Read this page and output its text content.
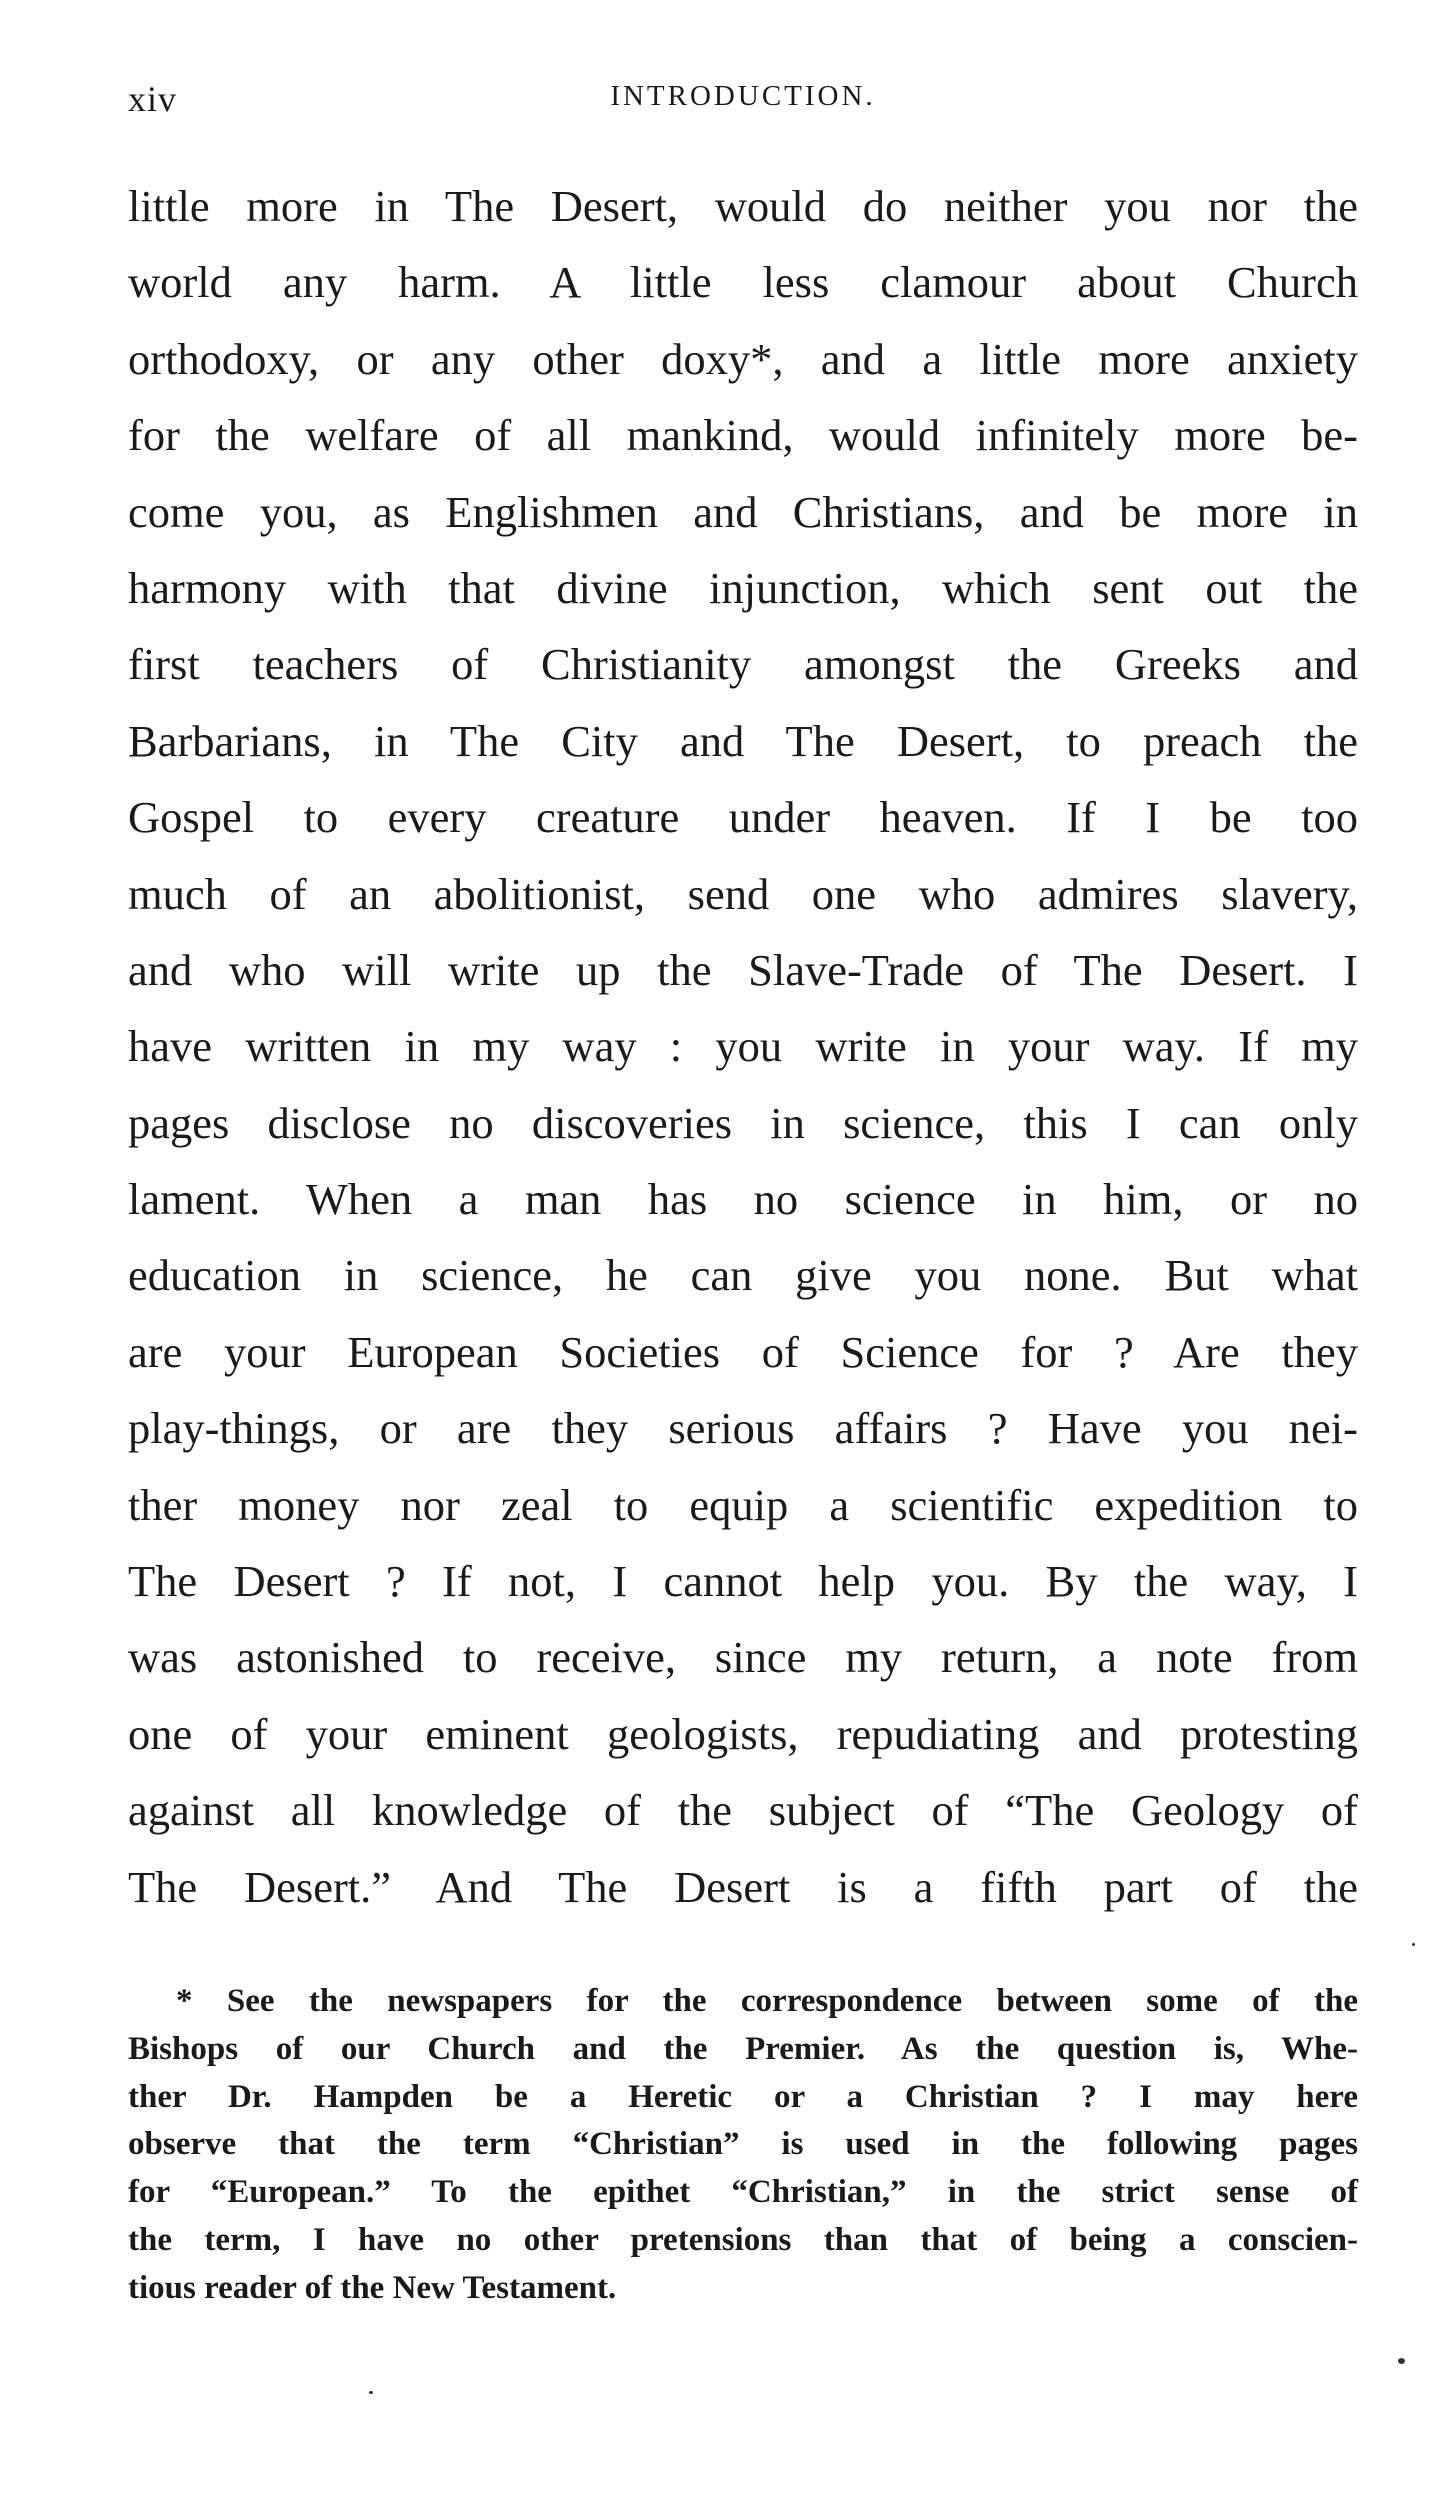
xiv	INTRODUCTION.
little more in The Desert, would do neither you nor the
world any harm. A little less clamour about Church
orthodoxy, or any other doxy*, and a little more anxiety
for the welfare of all mankind, would infinitely more be-
come you, as Englishmen and Christians, and be more in
harmony with that divine injunction, which sent out the
first teachers of Christianity amongst the Greeks and
Barbarians, in The City and The Desert, to preach the
Gospel to every creature under heaven. If I be too
much of an abolitionist, send one who admires slavery,
and who will write up the Slave-Trade of The Desert. I
have written in my way : you write in your way. If my
pages disclose no discoveries in science, this I can only
lament. When a man has no science in him, or no
education in science, he can give you none. But what
are your European Societies of Science for ? Are they
play-things, or are they serious affairs ? Have you nei-
ther money nor zeal to equip a scientific expedition to
The Desert ? If not, I cannot help you. By the way, I
was astonished to receive, since my return, a note from
one of your eminent geologists, repudiating and protesting
against all knowledge of the subject of “The Geology of
The Desert.” And The Desert is a fifth part of the
* See the newspapers for the correspondence between some of the
Bishops of our Church and the Premier. As the question is, Whe-
ther Dr. Hampden be a Heretic or a Christian ? I may here
observe that the term “Christian” is used in the following pages
for “European.” To the epithet “Christian,” in the strict sense of
the term, I have no other pretensions than that of being a conscien-
tious reader of the New Testament.
